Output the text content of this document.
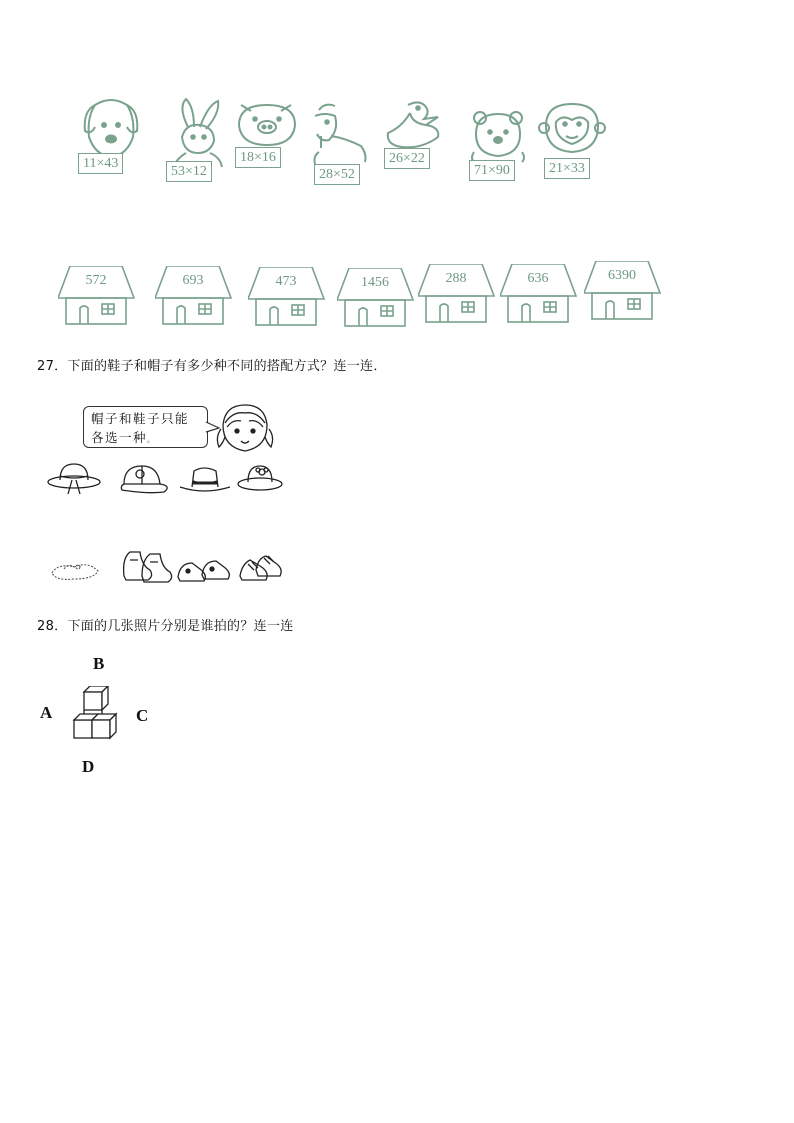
11×43
53×12
18×16
28×52
26×22
71×90	21×33
572	693	473	1456	288	636	6390
27．下面的鞋子和帽子有多少种不同的搭配方式？连一连．
帽子和鞋子只能
各选一种。
28．下面的几张照片分别是谁拍的？连一连
B
A	C
D
